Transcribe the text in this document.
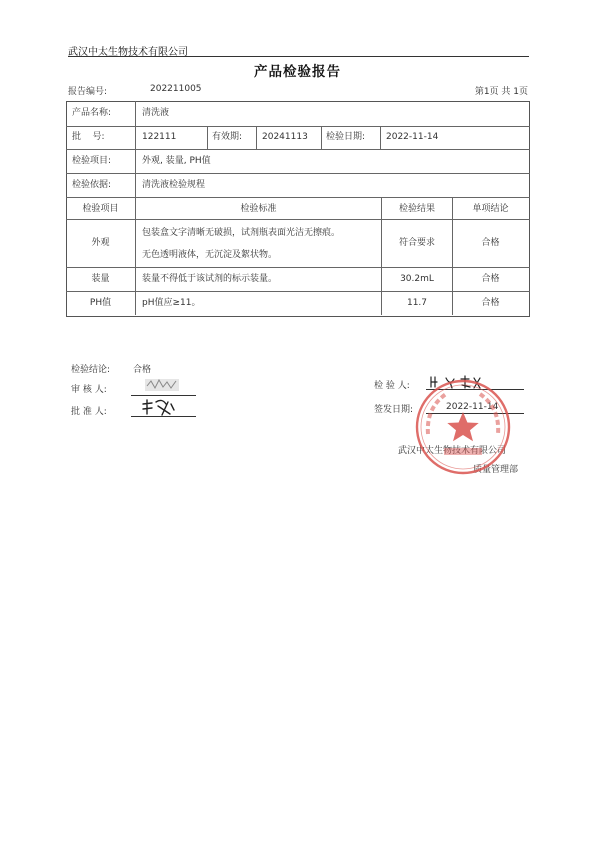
武汉中太生物技术有限公司
产品检验报告
报告编号:	202211005	第1页 共 1页
产品名称:	清洗液
批    号:	122111	有效期: 20241113 检验日期: 2022-11-14
检验项目:	外观, 装量, PH值
检验依据:	清洗液检验规程
检验项目	检验标准	检验结果	单项结论
外观
包装盒文字清晰无破损，试剂瓶表面光洁无擦痕。
无色透明液体，无沉淀及絮状物。
符合要求	合格
装量	装量不得低于该试剂的标示装量。	30.2mL	合格
PH值	pH值应≥11。	11.7	合格
检验结论:	合格
审 核 人:
批 准 人:
检 验 人:
签发日期:	2022-11-14
武汉中太生物技术有限公司
质量管理部
